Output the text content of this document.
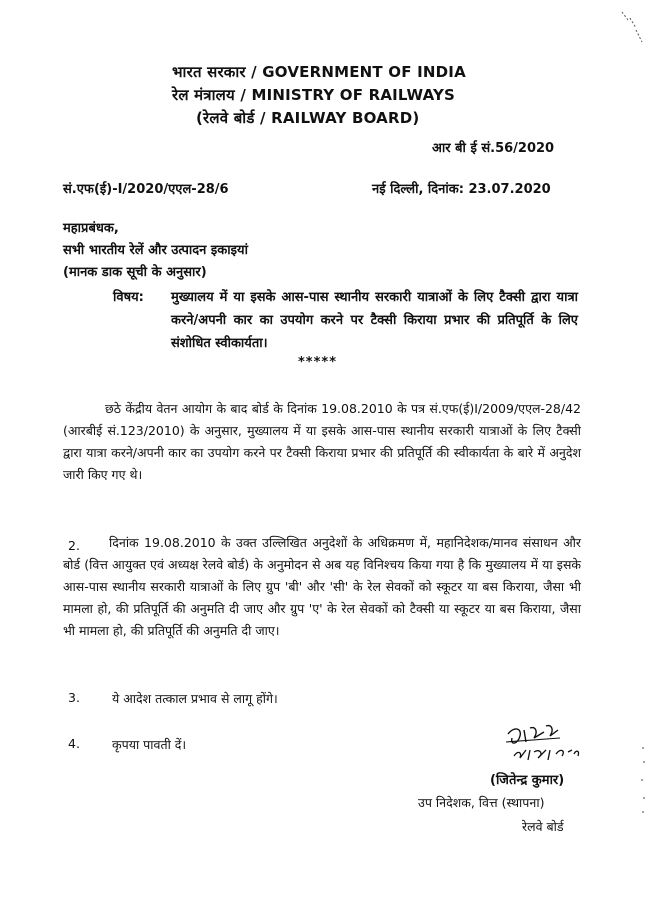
भारत सरकार / GOVERNMENT OF INDIA
रेल मंत्रालय / MINISTRY OF RAILWAYS
(रेलवे बोर्ड / RAILWAY BOARD)
आर बी ई सं.56/2020
सं.एफ(ई)-I/2020/एएल-28/6	नई दिल्ली, दिनांक: 23.07.2020
महाप्रबंधक,
सभी भारतीय रेलें और उत्पादन इकाइयां
(मानक डाक सूची के अनुसार)
विषय:	मुख्यालय में या इसके आस-पास स्थानीय सरकारी यात्राओं के लिए टैक्सी द्वारा यात्रा करने/अपनी कार का उपयोग करने पर टैक्सी किराया प्रभार की प्रतिपूर्ति के लिए संशोधित स्वीकार्यता।
*****
छठे केंद्रीय वेतन आयोग के बाद बोर्ड के दिनांक 19.08.2010 के पत्र सं.एफ(ई)I/2009/एएल-28/42 (आरबीई सं.123/2010) के अनुसार, मुख्यालय में या इसके आस-पास स्थानीय सरकारी यात्राओं के लिए टैक्सी द्वारा यात्रा करने/अपनी कार का उपयोग करने पर टैक्सी किराया प्रभार की प्रतिपूर्ति की स्वीकार्यता के बारे में अनुदेश जारी किए गए थे।
2.	दिनांक 19.08.2010 के उक्त उल्लिखित अनुदेशों के अधिक्रमण में, महानिदेशक/मानव संसाधन और बोर्ड (वित्त आयुक्त एवं अध्यक्ष रेलवे बोर्ड) के अनुमोदन से अब यह विनिश्चय किया गया है कि मुख्यालय में या इसके आस-पास स्थानीय सरकारी यात्राओं के लिए ग्रुप 'बी' और 'सी' के रेल सेवकों को स्कूटर या बस किराया, जैसा भी मामला हो, की प्रतिपूर्ति की अनुमति दी जाए और ग्रुप 'ए' के रेल सेवकों को टैक्सी या स्कूटर या बस किराया, जैसा भी मामला हो, की प्रतिपूर्ति की अनुमति दी जाए।
3.	ये आदेश तत्काल प्रभाव से लागू होंगे।
4.	कृपया पावती दें।
(जितेन्द्र कुमार)
उप निदेशक, वित्त (स्थापना)
रेलवे बोर्ड
